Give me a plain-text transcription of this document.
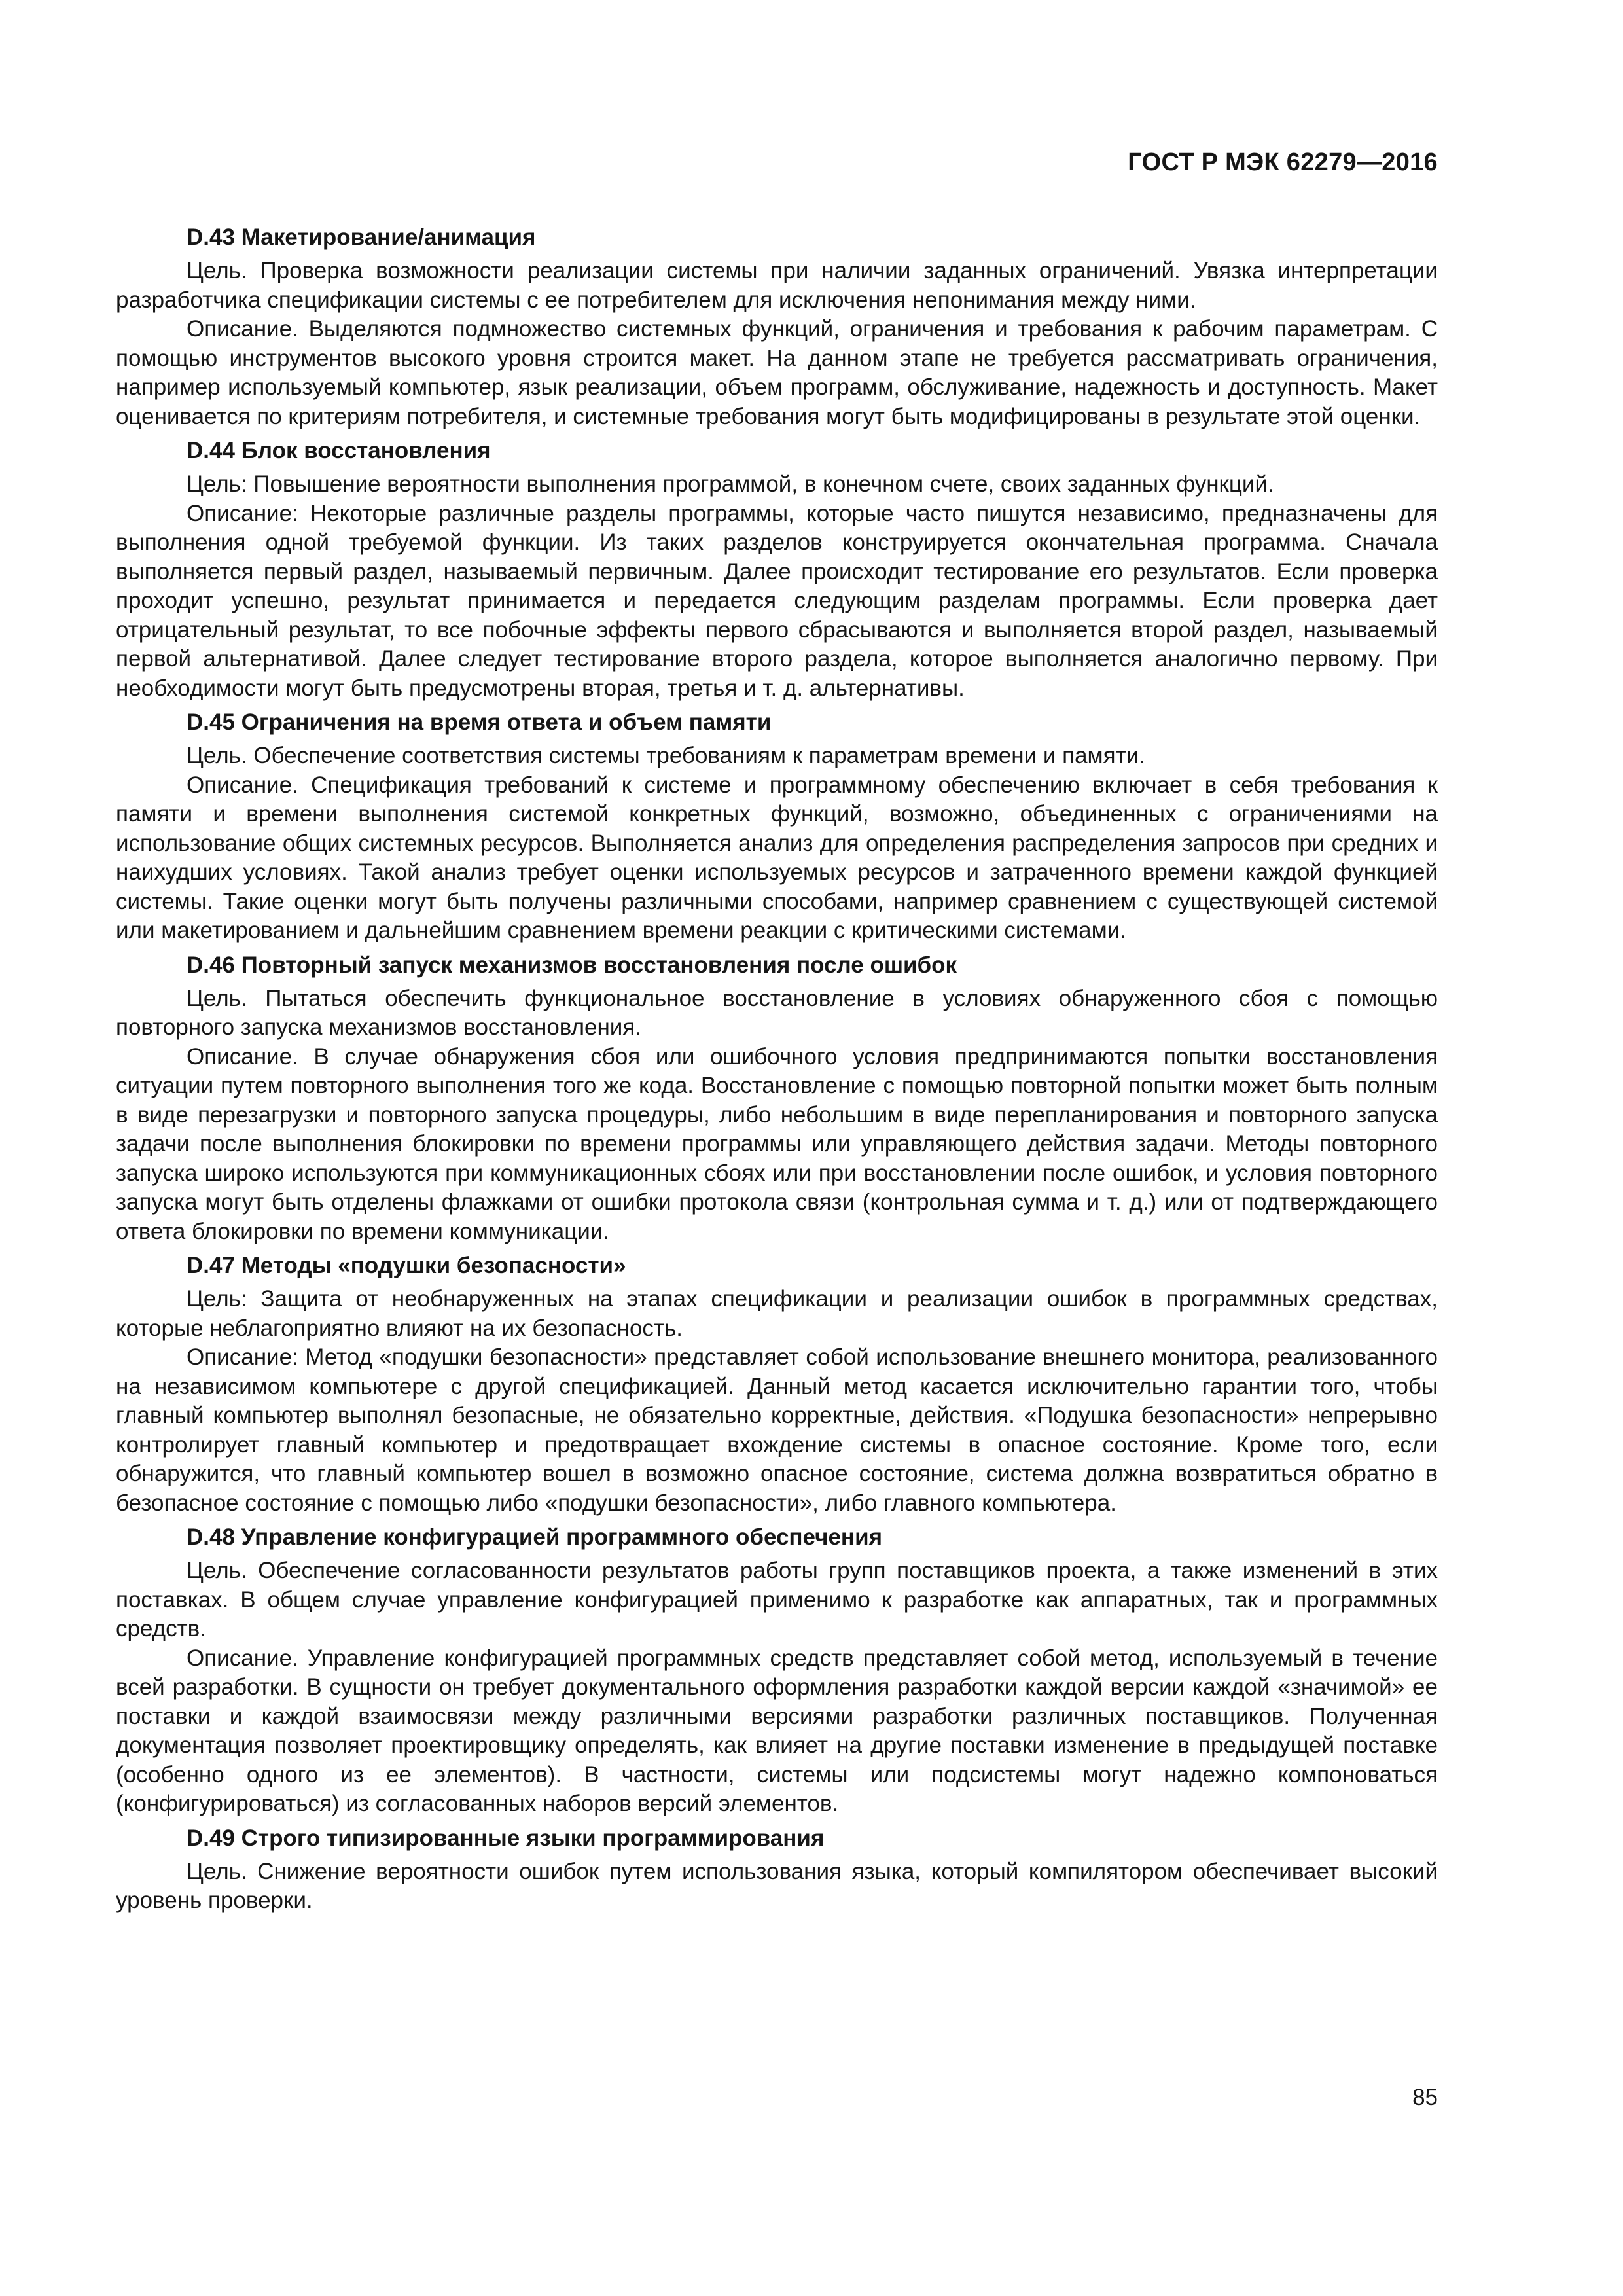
ГОСТ Р МЭК 62279—2016

D.43 Макетирование/анимация

Цель. Проверка возможности реализации системы при наличии заданных ограничений. Увязка интерпретации разработчика спецификации системы с ее потребителем для исключения непонимания между ними.

Описание. Выделяются подмножество системных функций, ограничения и требования к рабочим параметрам. С помощью инструментов высокого уровня строится макет. На данном этапе не требуется рассматривать ограничения, например используемый компьютер, язык реализации, объем программ, обслуживание, надежность и доступность. Макет оценивается по критериям потребителя, и системные требования могут быть модифицированы в результате этой оценки.

D.44 Блок восстановления

Цель: Повышение вероятности выполнения программой, в конечном счете, своих заданных функций.

Описание: Некоторые различные разделы программы, которые часто пишутся независимо, предназначены для выполнения одной требуемой функции. Из таких разделов конструируется окончательная программа. Сначала выполняется первый раздел, называемый первичным. Далее происходит тестирование его результатов. Если проверка проходит успешно, результат принимается и передается следующим разделам программы. Если проверка дает отрицательный результат, то все побочные эффекты первого сбрасываются и выполняется второй раздел, называемый первой альтернативой. Далее следует тестирование второго раздела, которое выполняется аналогично первому. При необходимости могут быть предусмотрены вторая, третья и т. д. альтернативы.

D.45 Ограничения на время ответа и объем памяти

Цель. Обеспечение соответствия системы требованиям к параметрам времени и памяти.

Описание. Спецификация требований к системе и программному обеспечению включает в себя требования к памяти и времени выполнения системой конкретных функций, возможно, объединенных с ограничениями на использование общих системных ресурсов. Выполняется анализ для определения распределения запросов при средних и наихудших условиях. Такой анализ требует оценки используемых ресурсов и затраченного времени каждой функцией системы. Такие оценки могут быть получены различными способами, например сравнением с существующей системой или макетированием и дальнейшим сравнением времени реакции с критическими системами.

D.46 Повторный запуск механизмов восстановления после ошибок

Цель. Пытаться обеспечить функциональное восстановление в условиях обнаруженного сбоя с помощью повторного запуска механизмов восстановления.

Описание. В случае обнаружения сбоя или ошибочного условия предпринимаются попытки восстановления ситуации путем повторного выполнения того же кода. Восстановление с помощью повторной попытки может быть полным в виде перезагрузки и повторного запуска процедуры, либо небольшим в виде перепланирования и повторного запуска задачи после выполнения блокировки по времени программы или управляющего действия задачи. Методы повторного запуска широко используются при коммуникационных сбоях или при восстановлении после ошибок, и условия повторного запуска могут быть отделены флажками от ошибки протокола связи (контрольная сумма и т. д.) или от подтверждающего ответа блокировки по времени коммуникации.

D.47 Методы «подушки безопасности»

Цель: Защита от необнаруженных на этапах спецификации и реализации ошибок в программных средствах, которые неблагоприятно влияют на их безопасность.

Описание: Метод «подушки безопасности» представляет собой использование внешнего монитора, реализованного на независимом компьютере с другой спецификацией. Данный метод касается исключительно гарантии того, чтобы главный компьютер выполнял безопасные, не обязательно корректные, действия. «Подушка безопасности» непрерывно контролирует главный компьютер и предотвращает вхождение системы в опасное состояние. Кроме того, если обнаружится, что главный компьютер вошел в возможно опасное состояние, система должна возвратиться обратно в безопасное состояние с помощью либо «подушки безопасности», либо главного компьютера.

D.48 Управление конфигурацией программного обеспечения

Цель. Обеспечение согласованности результатов работы групп поставщиков проекта, а также изменений в этих поставках. В общем случае управление конфигурацией применимо к разработке как аппаратных, так и программных средств.

Описание. Управление конфигурацией программных средств представляет собой метод, используемый в течение всей разработки. В сущности он требует документального оформления разработки каждой версии каждой «значимой» ее поставки и каждой взаимосвязи между различными версиями разработки различных поставщиков. Полученная документация позволяет проектировщику определять, как влияет на другие поставки изменение в предыдущей поставке (особенно одного из ее элементов). В частности, системы или подсистемы могут надежно компоноваться (конфигурироваться) из согласованных наборов версий элементов.

D.49 Строго типизированные языки программирования

Цель. Снижение вероятности ошибок путем использования языка, который компилятором обеспечивает высокий уровень проверки.

85
